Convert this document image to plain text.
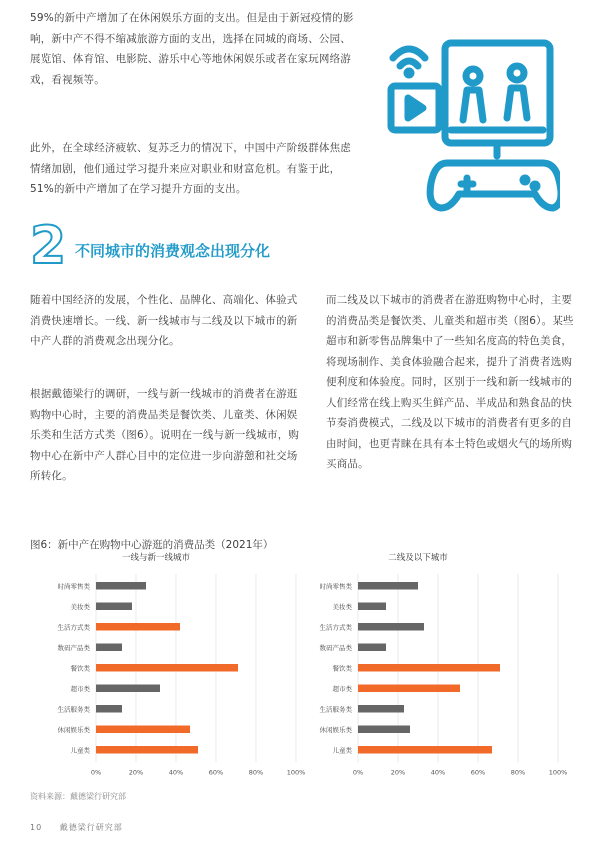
59%的新中产增加了在休闲娱乐方面的支出。但是由于新冠疫情的影响，新中产不得不缩减旅游方面的支出，选择在同城的商场、公园、展览馆、体育馆、电影院、游乐中心等地休闲娱乐或者在家玩网络游戏，看视频等。

此外，在全球经济疲软、复苏乏力的情况下，中国中产阶级群体焦虑情绪加剧，他们通过学习提升来应对职业和财富危机。有鉴于此，51%的新中产增加了在学习提升方面的支出。

2 不同城市的消费观念出现分化

随着中国经济的发展，个性化、品牌化、高端化、体验式消费快速增长。一线、新一线城市与二线及以下城市的新中产人群的消费观念出现分化。

根据戴德梁行的调研，一线与新一线城市的消费者在游逛购物中心时，主要的消费品类是餐饮类、儿童类、休闲娱乐类和生活方式类（图6）。说明在一线与新一线城市，购物中心在新中产人群心目中的定位进一步向游憩和社交场所转化。

而二线及以下城市的消费者在游逛购物中心时，主要的消费品类是餐饮类、儿童类和超市类（图6）。某些超市和新零售品牌集中了一些知名度高的特色美食，将现场制作、美食体验融合起来，提升了消费者选购便利度和体验度。同时，区别于一线和新一线城市的人们经常在线上购买生鲜产品、半成品和熟食品的快节奏消费模式，二线及以下城市的消费者有更多的自由时间，也更青睐在具有本土特色或烟火气的场所购买商品。

图6：新中产在购物中心游逛的消费品类（2021年）
一线与新一线城市
0%	20%	40%	60%	80%	100%
时尚零售类
美妆类
生活方式类
数码产品类
餐饮类
超市类
生活服务类
休闲娱乐类
儿童类
二线及以下城市
0%	20%	40%	60%	80%	100%
时尚零售类
美妆类
生活方式类
数码产品类
餐饮类
超市类
生活服务类
休闲娱乐类
儿童类
资料来源：戴德梁行研究部
10 戴德梁行研究部
